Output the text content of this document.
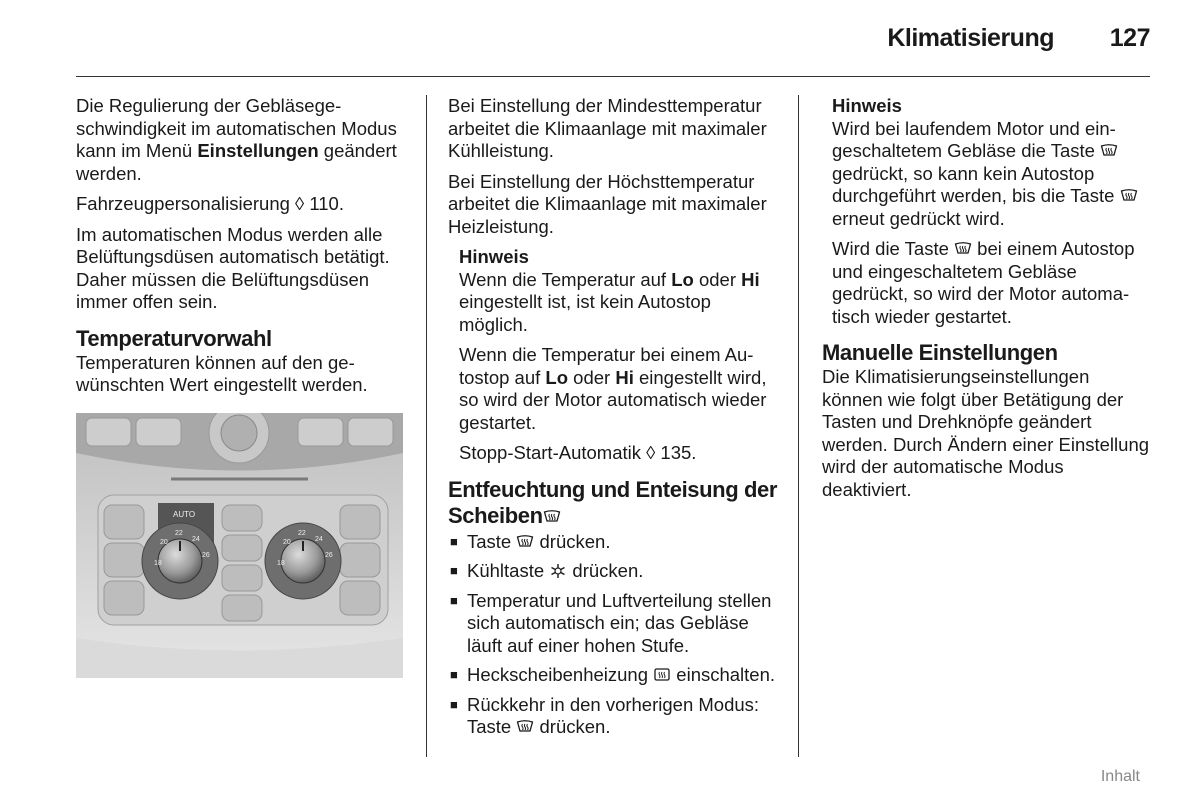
Klimatisierung 127

Die Regulierung der Gebläsegeschwindigkeit im automatischen Modus kann im Menü Einstellungen geändert werden.

Fahrzeugpersonalisierung ◊ 110.

Im automatischen Modus werden alle Belüftungsdüsen automatisch betätigt. Daher müssen die Belüftungsdüsen immer offen sein.

Temperaturvorwahl

Temperaturen können auf den gewünschten Wert eingestellt werden.

AUTO
18
20
22
24
26
18
20
22
24
26

Bei Einstellung der Mindesttemperatur arbeitet die Klimaanlage mit maximaler Kühlleistung.

Bei Einstellung der Höchsttemperatur arbeitet die Klimaanlage mit maximaler Heizleistung.

Hinweis

Wenn die Temperatur auf Lo oder Hi eingestellt ist, ist kein Autostop möglich.

Wenn die Temperatur bei einem Autostop auf Lo oder Hi eingestellt wird, so wird der Motor automatisch wieder gestartet.

Stopp-Start-Automatik ◊ 135.

Entfeuchtung und Enteisung der Scheiben
■ Taste  drücken.
■ Kühltaste  drücken.
■ Temperatur und Luftverteilung stellen sich automatisch ein; das Gebläse läuft auf einer hohen Stufe.
■ Heckscheibenheizung  einschalten.
■ Rückkehr in den vorherigen Modus: Taste  drücken.
Hinweis

Wird bei laufendem Motor und eingeschaltetem Gebläse die Taste  gedrückt, so kann kein Autostop durchgeführt werden, bis die Taste  erneut gedrückt wird.

Wird die Taste  bei einem Autostop und eingeschaltetem Gebläse gedrückt, so wird der Motor automatisch wieder gestartet.

Manuelle Einstellungen

Die Klimatisierungseinstellungen können wie folgt über Betätigung der Tasten und Drehknöpfe geändert werden. Durch Ändern einer Einstellung wird der automatische Modus deaktiviert.

Inhalt
